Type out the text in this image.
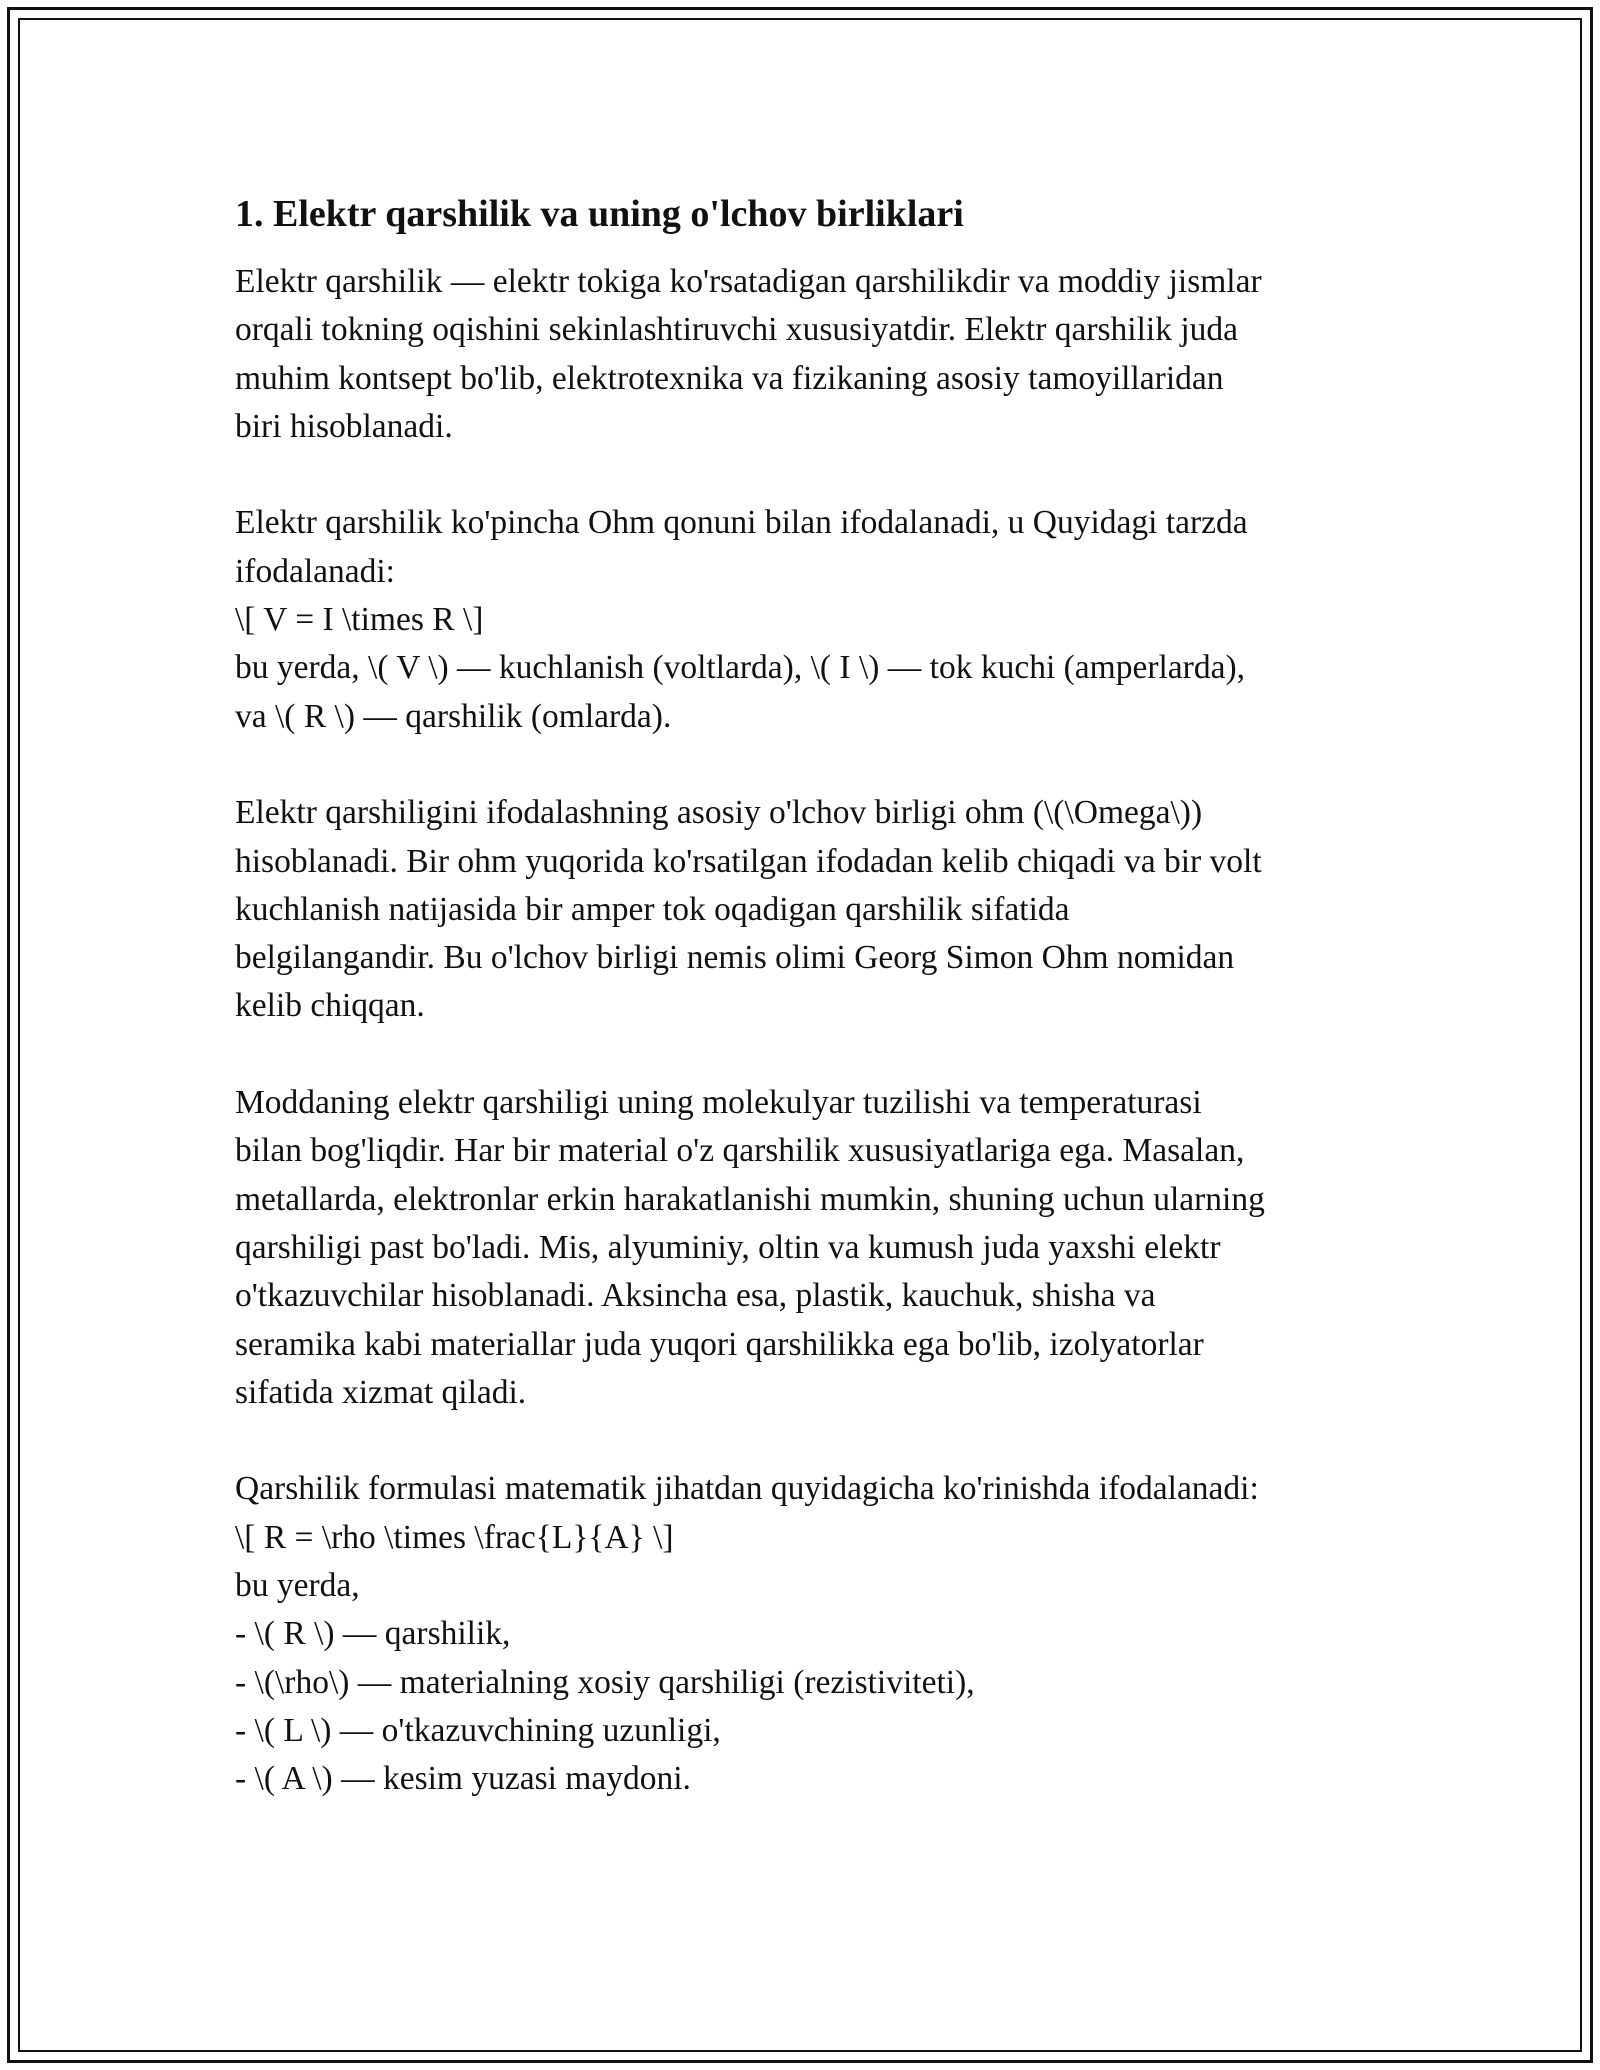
1. Elektr qarshilik va uning o'lchov birliklari
Elektr qarshilik — elektr tokiga ko'rsatadigan qarshilikdir va moddiy jismlar
orqali tokning oqishini sekinlashtiruvchi xususiyatdir. Elektr qarshilik juda
muhim kontsept bo'lib, elektrotexnika va fizikaning asosiy tamoyillaridan
biri hisoblanadi.
Elektr qarshilik ko'pincha Ohm qonuni bilan ifodalanadi, u Quyidagi tarzda
ifodalanadi:
\[ V = I \times R \]
bu yerda, \( V \) — kuchlanish (voltlarda), \( I \) — tok kuchi (amperlarda),
va \( R \) — qarshilik (omlarda).
Elektr qarshiligini ifodalashning asosiy o'lchov birligi ohm (\(\Omega\))
hisoblanadi. Bir ohm yuqorida ko'rsatilgan ifodadan kelib chiqadi va bir volt
kuchlanish natijasida bir amper tok oqadigan qarshilik sifatida
belgilangandir. Bu o'lchov birligi nemis olimi Georg Simon Ohm nomidan
kelib chiqqan.
Moddaning elektr qarshiligi uning molekulyar tuzilishi va temperaturasi
bilan bog'liqdir. Har bir material o'z qarshilik xususiyatlariga ega. Masalan,
metallarda, elektronlar erkin harakatlanishi mumkin, shuning uchun ularning
qarshiligi past bo'ladi. Mis, alyuminiy, oltin va kumush juda yaxshi elektr
o'tkazuvchilar hisoblanadi. Aksincha esa, plastik, kauchuk, shisha va
seramika kabi materiallar juda yuqori qarshilikka ega bo'lib, izolyatorlar
sifatida xizmat qiladi.
Qarshilik formulasi matematik jihatdan quyidagicha ko'rinishda ifodalanadi:
\[ R = \rho \times \frac{L}{A} \]
bu yerda,
- \( R \) — qarshilik,
- \(\rho\) — materialning xosiy qarshiligi (rezistiviteti),
- \( L \) — o'tkazuvchining uzunligi,
- \( A \) — kesim yuzasi maydoni.
